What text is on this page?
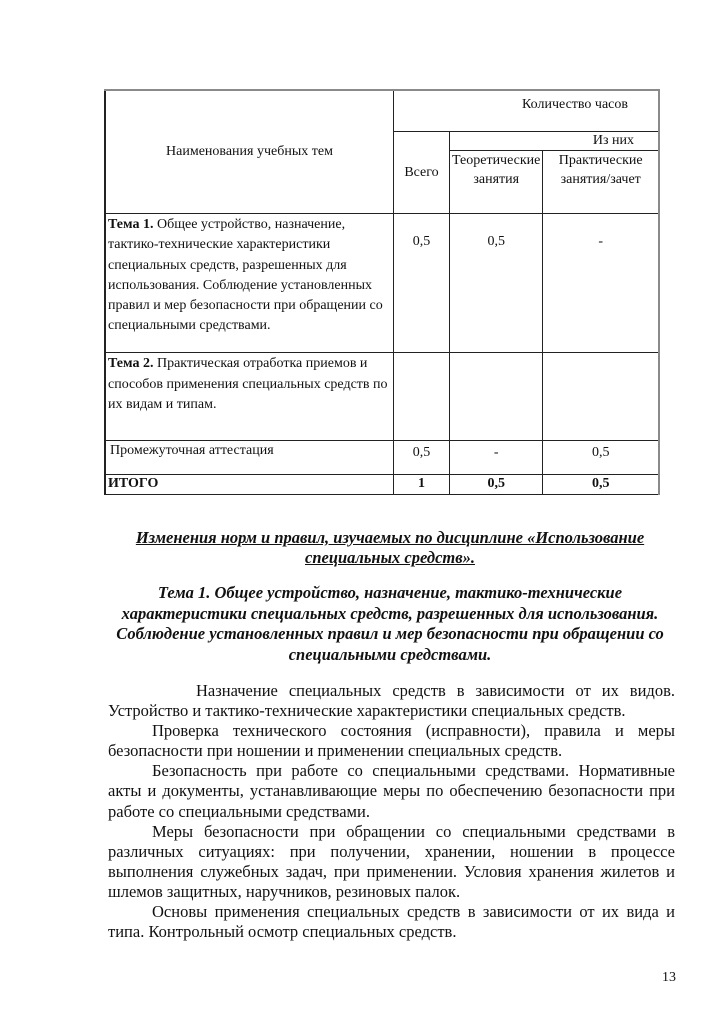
Наименования учебных тем	Количество часов		
	Всего	Из них	
		Теоретические занятия	Практические занятия/зачет
Тема 1. Общее устройство, назначение, тактико-технические характеристики специальных средств, разрешенных для использования. Соблюдение установленных правил и мер безопасности при обращении со специальными средствами.	0,5	0,5	-
Тема 2. Практическая отработка приемов и способов применения специальных средств по их видам и типам.			
Промежуточная аттестация	0,5	-	0,5
ИТОГО	1	0,5	0,5
Изменения норм и правил, изучаемых по дисциплине «Использование специальных средств».
Тема 1. Общее устройство, назначение, тактико-технические характеристики специальных средств, разрешенных для использования. Соблюдение установленных правил и мер безопасности при обращении со специальными средствами.

Назначение специальных средств в зависимости от их видов. Устройство и тактико-технические характеристики специальных средств.

Проверка технического состояния (исправности), правила и меры безопасности при ношении и применении специальных средств.

Безопасность при работе со специальными средствами. Нормативные акты и документы, устанавливающие меры по обеспечению безопасности при работе со специальными средствами.

Меры безопасности при обращении со специальными средствами в различных ситуациях: при получении, хранении, ношении в процессе выполнения служебных задач, при применении. Условия хранения жилетов и шлемов защитных, наручников, резиновых палок.

Основы применения специальных средств в зависимости от их вида и типа. Контрольный осмотр специальных средств.

13
